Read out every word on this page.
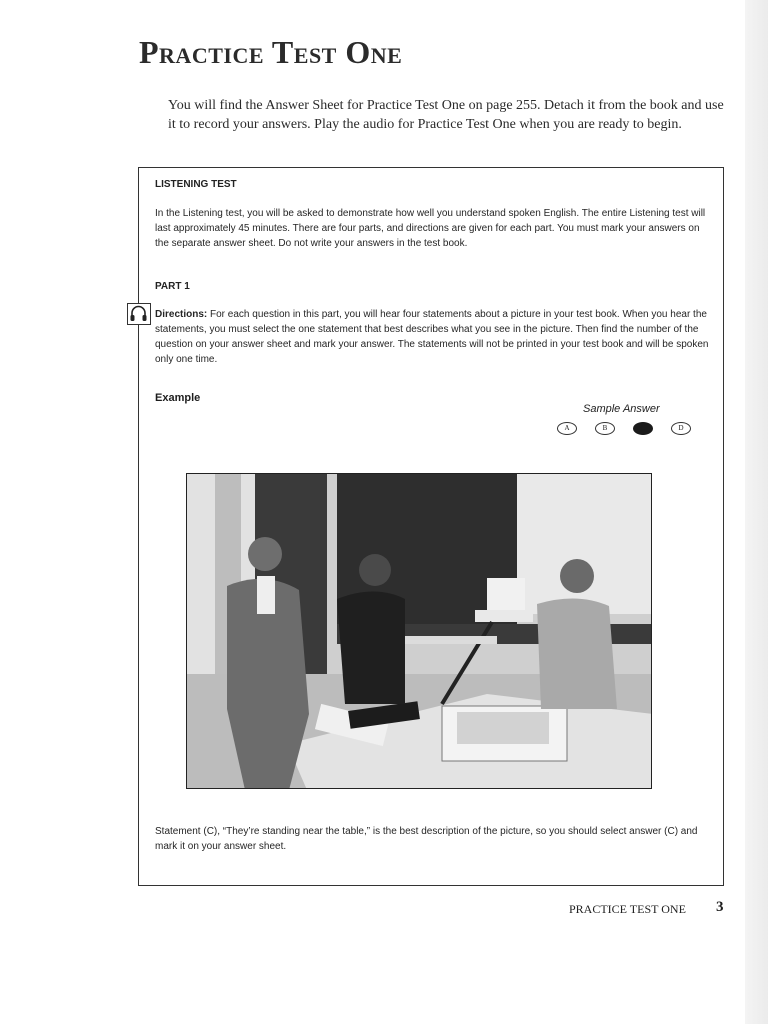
Practice Test One

You will find the Answer Sheet for Practice Test One on page 255. Detach it from the book and use it to record your answers. Play the audio for Practice Test One when you are ready to begin.

LISTENING TEST

In the Listening test, you will be asked to demonstrate how well you understand spoken English. The entire Listening test will last approximately 45 minutes. There are four parts, and directions are given for each part. You must mark your answers on the separate answer sheet. Do not write your answers in the test book.

PART 1

Directions: For each question in this part, you will hear four statements about a picture in your test book. When you hear the statements, you must select the one statement that best describes what you see in the picture. Then find the number of the question on your answer sheet and mark your answer. The statements will not be printed in your test book and will be spoken only one time.

Example

Sample Answer

A	B	C	D

Statement (C), “They’re standing near the table,” is the best description of the picture, so you should select answer (C) and mark it on your answer sheet.

PRACTICE TEST ONE 3
